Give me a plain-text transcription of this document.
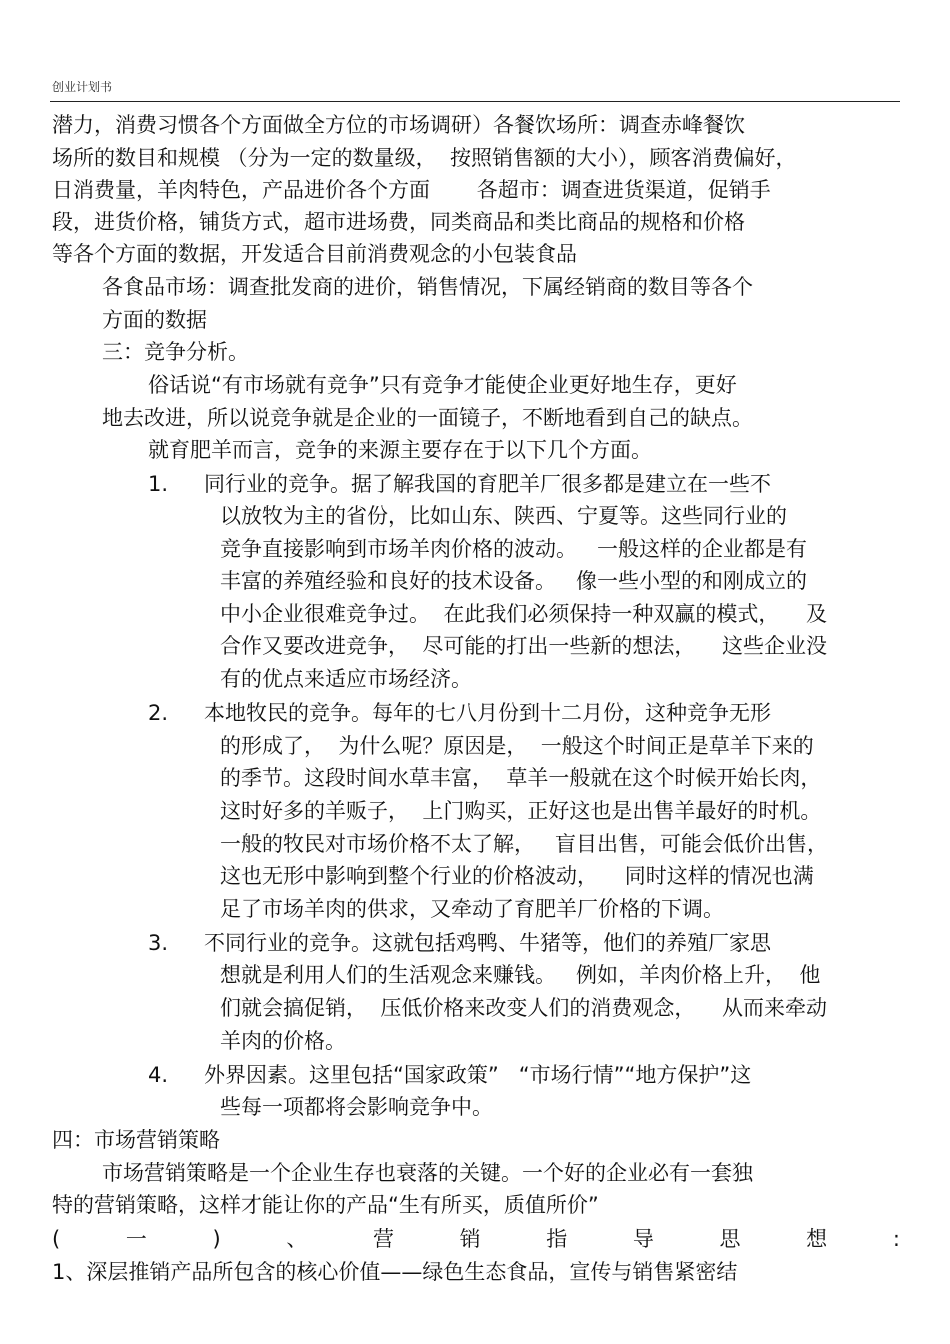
创业计划书
潜力，消费习惯各个方面做全方位的市场调研）各餐饮场所：调查赤峰餐饮
场所的数目和规模 （分为一定的数量级，  按照销售额的大小），顾客消费偏好，
日消费量，羊肉特色，产品进价各个方面       各超市：调查进货渠道，促销手
段，进货价格，铺货方式，超市进场费，同类商品和类比商品的规格和价格
等各个方面的数据，开发适合目前消费观念的小包装食品
各食品市场：调查批发商的进价，销售情况，下属经销商的数目等各个
方面的数据
三：竞争分析。
俗话说“有市场就有竞争”只有竞争才能使企业更好地生存，更好
地去改进，所以说竞争就是企业的一面镜子，不断地看到自己的缺点。
就育肥羊而言，竞争的来源主要存在于以下几个方面。
1. 同行业的竞争。据了解我国的育肥羊厂很多都是建立在一些不
以放牧为主的省份，比如山东、陕西、宁夏等。这些同行业的
竞争直接影响到市场羊肉价格的波动。   一般这样的企业都是有
丰富的养殖经验和良好的技术设备。   像一些小型的和刚成立的
中小企业很难竞争过。  在此我们必须保持一种双赢的模式，    及
合作又要改进竞争，  尽可能的打出一些新的想法，    这些企业没
有的优点来适应市场经济。
2. 本地牧民的竞争。每年的七八月份到十二月份，这种竞争无形
的形成了，  为什么呢？原因是，  一般这个时间正是草羊下来的
的季节。这段时间水草丰富，  草羊一般就在这个时候开始长肉，
这时好多的羊贩子，  上门购买，正好这也是出售羊最好的时机。
一般的牧民对市场价格不太了解，   盲目出售，可能会低价出售，
这也无形中影响到整个行业的价格波动，    同时这样的情况也满
足了市场羊肉的供求，又牵动了育肥羊厂价格的下调。
3. 不同行业的竞争。这就包括鸡鸭、牛猪等，他们的养殖厂家思
想就是利用人们的生活观念来赚钱。   例如，羊肉价格上升，  他
们就会搞促销，  压低价格来改变人们的消费观念，    从而来牵动
羊肉的价格。
4. 外界因素。这里包括“国家政策”   “市场行情”“地方保护”这
些每一项都将会影响竞争中。
四：市场营销策略
市场营销策略是一个企业生存也衰落的关键。一个好的企业必有一套独
特的营销策略，这样才能让你的产品“生有所买，质值所价”
(	一	)	、	营	销	指	导	思	想	:
1、深层推销产品所包含的核心价值——绿色生态食品，宣传与销售紧密结
